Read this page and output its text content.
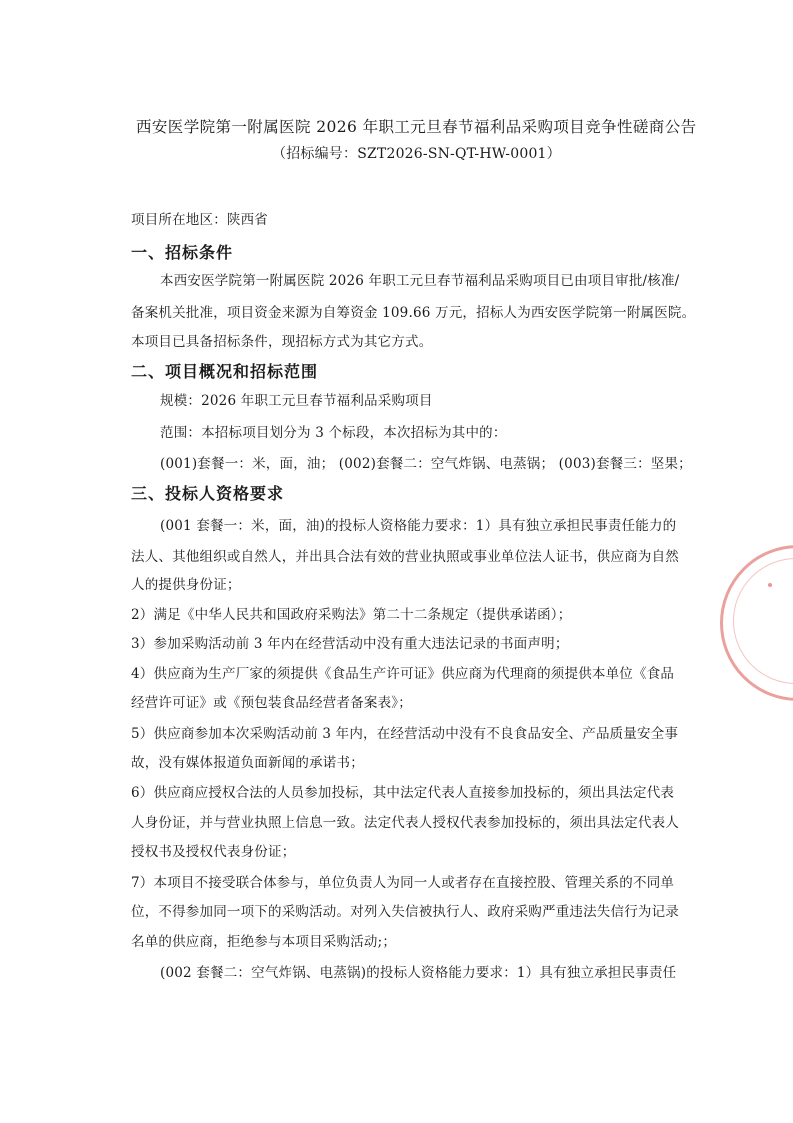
西安医学院第一附属医院 2026 年职工元旦春节福利品采购项目竞争性磋商公告
（招标编号：SZT2026-SN-QT-HW-0001）
项目所在地区：陕西省
一、招标条件
本西安医学院第一附属医院 2026 年职工元旦春节福利品采购项目已由项目审批/核准/
备案机关批准，项目资金来源为自筹资金 109.66 万元，招标人为西安医学院第一附属医院。
本项目已具备招标条件，现招标方式为其它方式。
二、项目概况和招标范围
规模：2026 年职工元旦春节福利品采购项目
范围：本招标项目划分为 3 个标段，本次招标为其中的：
(001)套餐一：米，面，油； (002)套餐二：空气炸锅、电蒸锅； (003)套餐三：坚果；
三、投标人资格要求
(001 套餐一：米，面，油)的投标人资格能力要求：1）具有独立承担民事责任能力的
法人、其他组织或自然人，并出具合法有效的营业执照或事业单位法人证书，供应商为自然
人的提供身份证；
2）满足《中华人民共和国政府采购法》第二十二条规定（提供承诺函）；
3）参加采购活动前 3 年内在经营活动中没有重大违法记录的书面声明；
4）供应商为生产厂家的须提供《食品生产许可证》供应商为代理商的须提供本单位《食品
经营许可证》或《预包装食品经营者备案表》；
5）供应商参加本次采购活动前 3 年内，在经营活动中没有不良食品安全、产品质量安全事
故，没有媒体报道负面新闻的承诺书；
6）供应商应授权合法的人员参加投标，其中法定代表人直接参加投标的，须出具法定代表
人身份证，并与营业执照上信息一致。法定代表人授权代表参加投标的，须出具法定代表人
授权书及授权代表身份证；
7）本项目不接受联合体参与，单位负责人为同一人或者存在直接控股、管理关系的不同单
位，不得参加同一项下的采购活动。对列入失信被执行人、政府采购严重违法失信行为记录
名单的供应商，拒绝参与本项目采购活动;；
(002 套餐二：空气炸锅、电蒸锅)的投标人资格能力要求：1）具有独立承担民事责任
